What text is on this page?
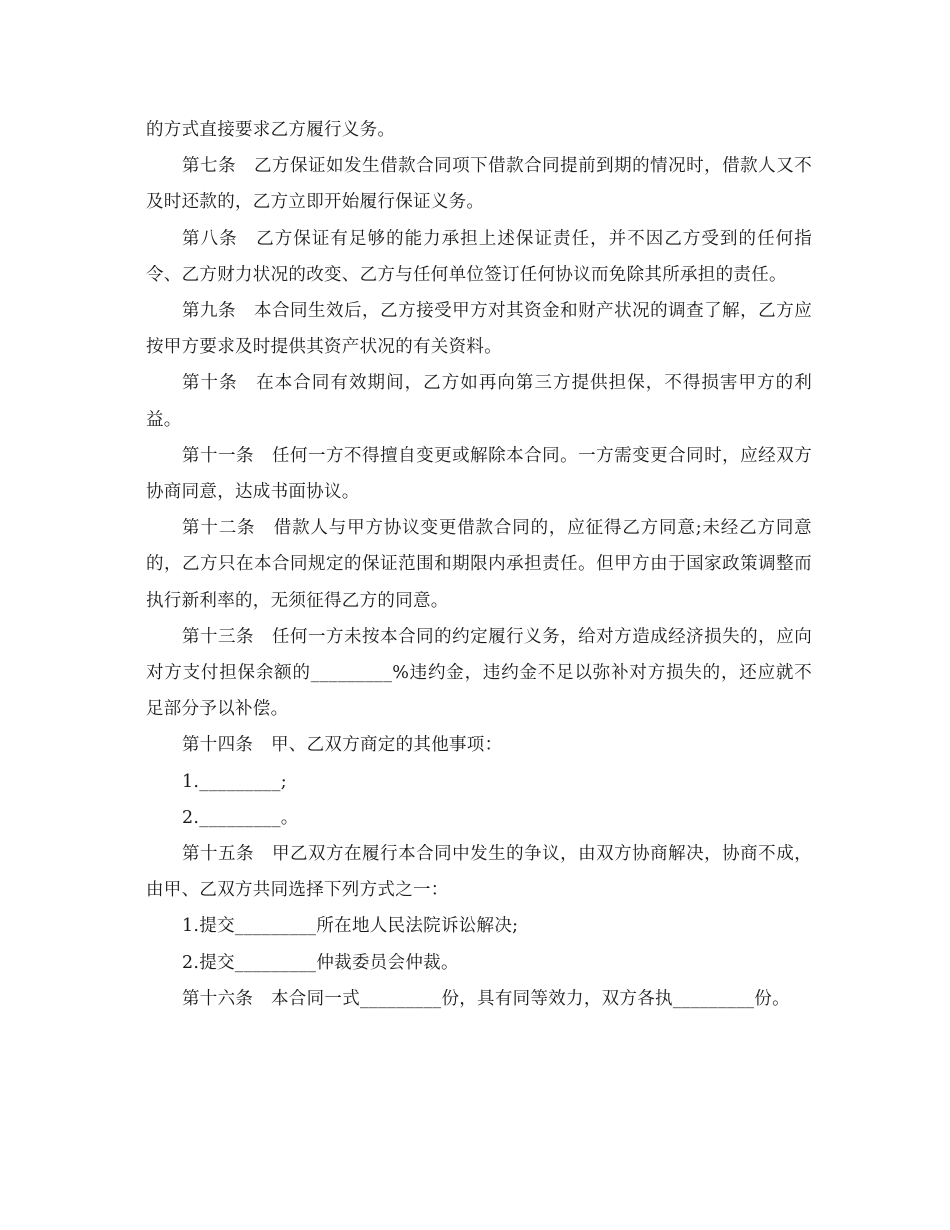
的方式直接要求乙方履行义务。

第七条　乙方保证如发生借款合同项下借款合同提前到期的情况时，借款人又不及时还款的，乙方立即开始履行保证义务。

第八条　乙方保证有足够的能力承担上述保证责任，并不因乙方受到的任何指令、乙方财力状况的改变、乙方与任何单位签订任何协议而免除其所承担的责任。

第九条　本合同生效后，乙方接受甲方对其资金和财产状况的调查了解，乙方应按甲方要求及时提供其资产状况的有关资料。

第十条　在本合同有效期间，乙方如再向第三方提供担保，不得损害甲方的利益。

第十一条　任何一方不得擅自变更或解除本合同。一方需变更合同时，应经双方协商同意，达成书面协议。

第十二条　借款人与甲方协议变更借款合同的，应征得乙方同意;未经乙方同意的，乙方只在本合同规定的保证范围和期限内承担责任。但甲方由于国家政策调整而执行新利率的，无须征得乙方的同意。

第十三条　任何一方未按本合同的约定履行义务，给对方造成经济损失的，应向对方支付担保余额的_________%违约金，违约金不足以弥补对方损失的，还应就不足部分予以补偿。

第十四条　甲、乙双方商定的其他事项：

1._________;

2._________。

第十五条　甲乙双方在履行本合同中发生的争议，由双方协商解决，协商不成，由甲、乙双方共同选择下列方式之一：

1.提交_________所在地人民法院诉讼解决;

2.提交_________仲裁委员会仲裁。

第十六条　本合同一式_________份，具有同等效力，双方各执_________份。
